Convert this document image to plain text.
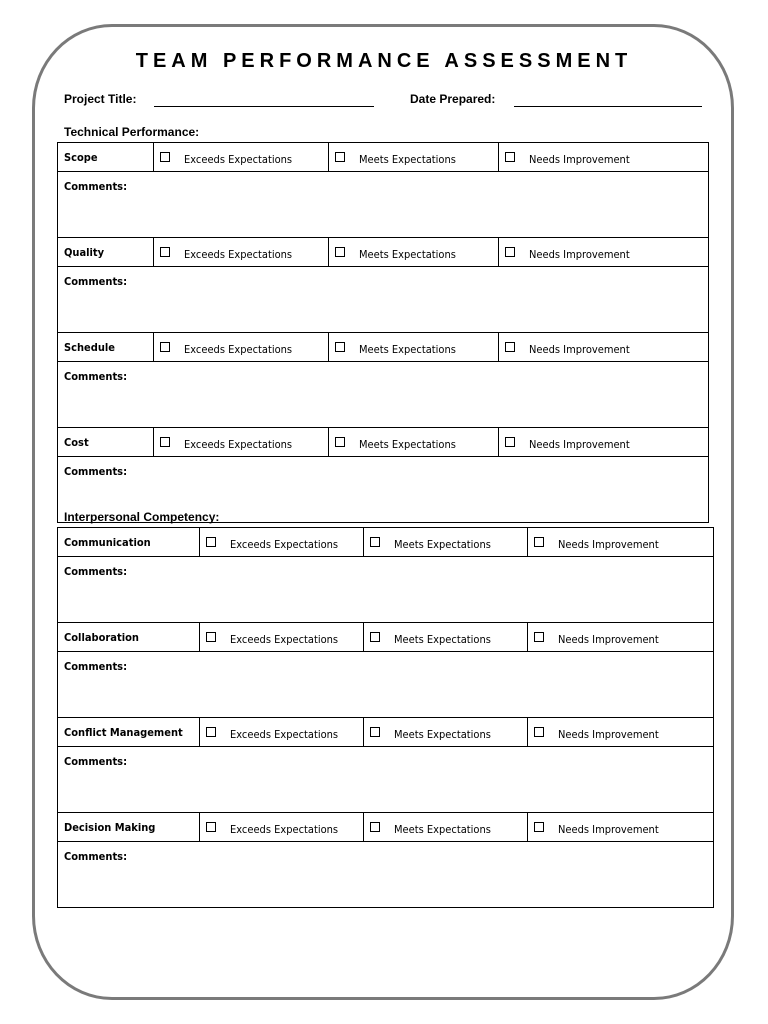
TEAM PERFORMANCE ASSESSMENT
Project Title:	Date Prepared:
Technical Performance:
Scope	Exceeds Expectations	Meets Expectations	Needs Improvement

Comments:			
Quality	Exceeds Expectations	Meets Expectations	Needs Improvement

Comments:			
Schedule	Exceeds Expectations	Meets Expectations	Needs Improvement

Comments:			
Cost	Exceeds Expectations	Meets Expectations	Needs Improvement

Comments:			
Interpersonal Competency:
Communication	Exceeds Expectations	Meets Expectations	Needs Improvement

Comments:			
Collaboration	Exceeds Expectations	Meets Expectations	Needs Improvement

Comments:			
Conflict Management	Exceeds Expectations	Meets Expectations	Needs Improvement

Comments:			
Decision Making	Exceeds Expectations	Meets Expectations	Needs Improvement

Comments:			
